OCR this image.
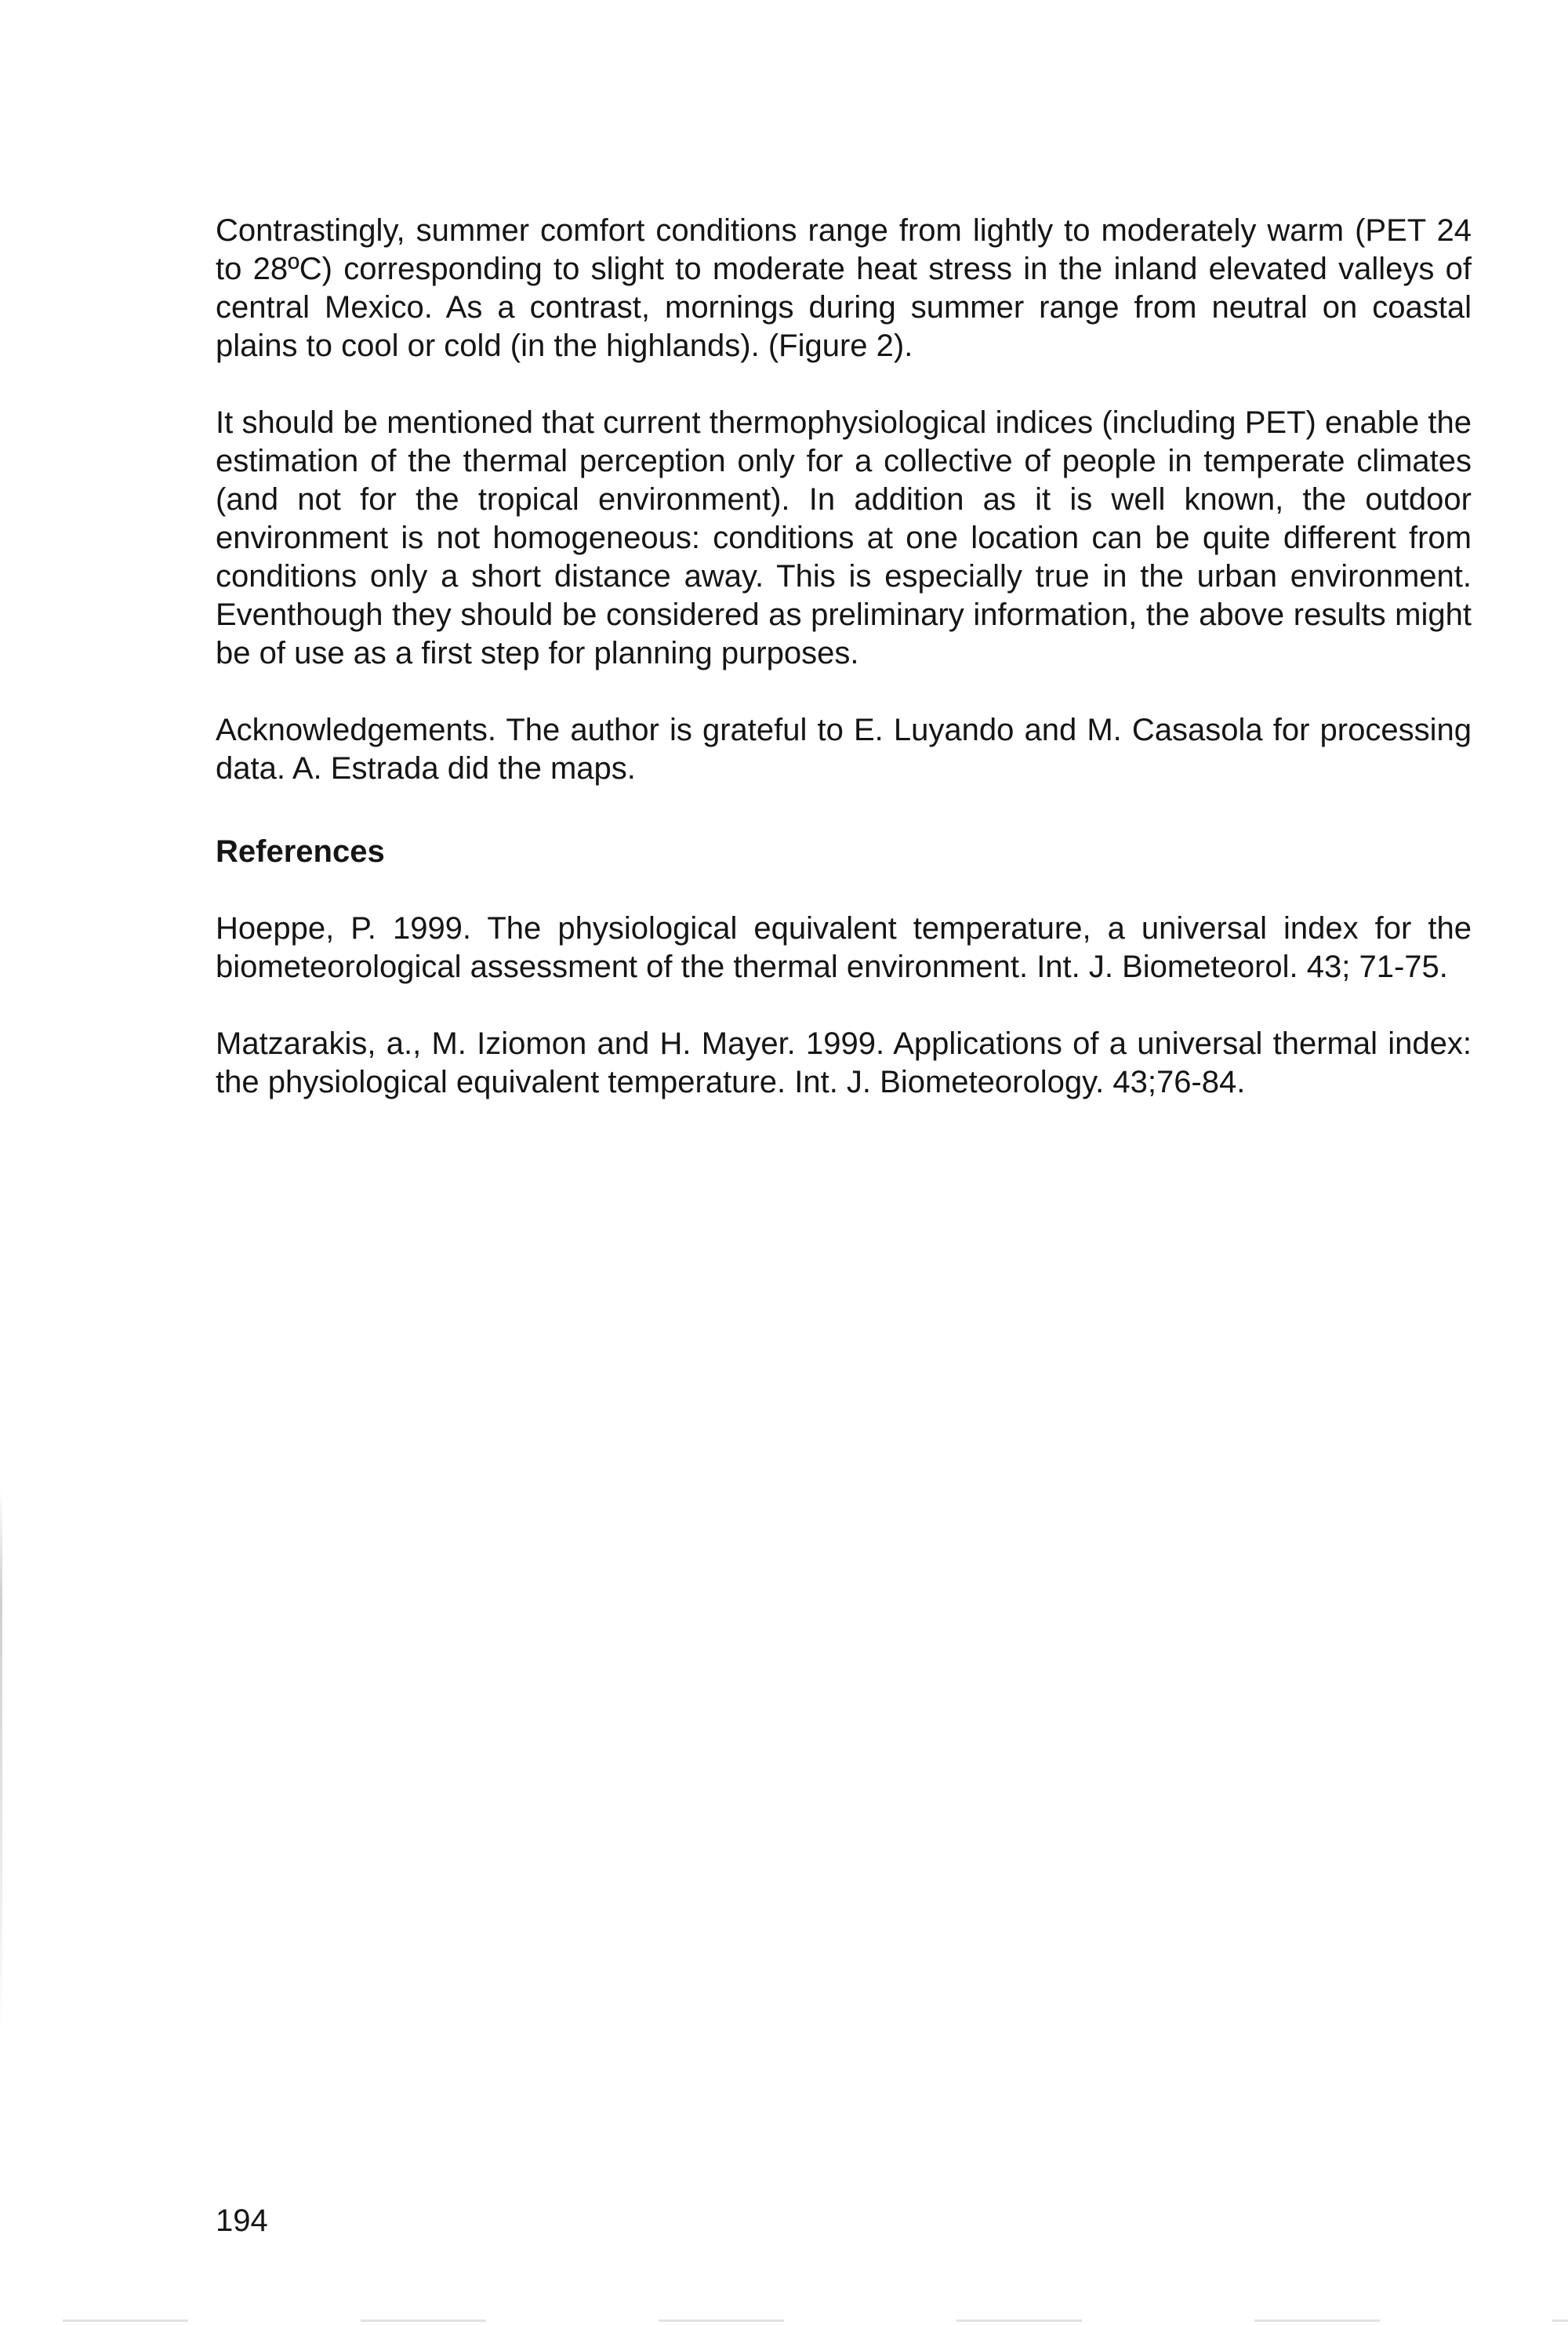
Contrastingly, summer comfort conditions range from lightly to moderately warm (PET 24 to 28ºC) corresponding to slight to moderate heat stress in the inland elevated valleys of central Mexico. As a contrast, mornings during summer range from neutral on coastal plains to cool or cold (in the highlands). (Figure 2).

It should be mentioned that current thermophysiological indices (including PET) enable the estimation of the thermal perception only for a collective of people in temperate climates (and not for the tropical environment). In addition as it is well known, the outdoor environment is not homogeneous: conditions at one location can be quite different from conditions only a short distance away. This is especially true in the urban environment. Eventhough they should be considered as preliminary information, the above results might be of use as a first step for planning purposes.

Acknowledgements. The author is grateful to E. Luyando and M. Casasola for processing data. A. Estrada did the maps.

References

Hoeppe, P. 1999. The physiological equivalent temperature, a universal index for the biometeorological assessment of the thermal environment. Int. J. Biometeorol. 43; 71-75.

Matzarakis, a., M. Iziomon and H. Mayer. 1999. Applications of a universal thermal index: the physiological equivalent temperature. Int. J. Biometeorology. 43;76-84.

194
